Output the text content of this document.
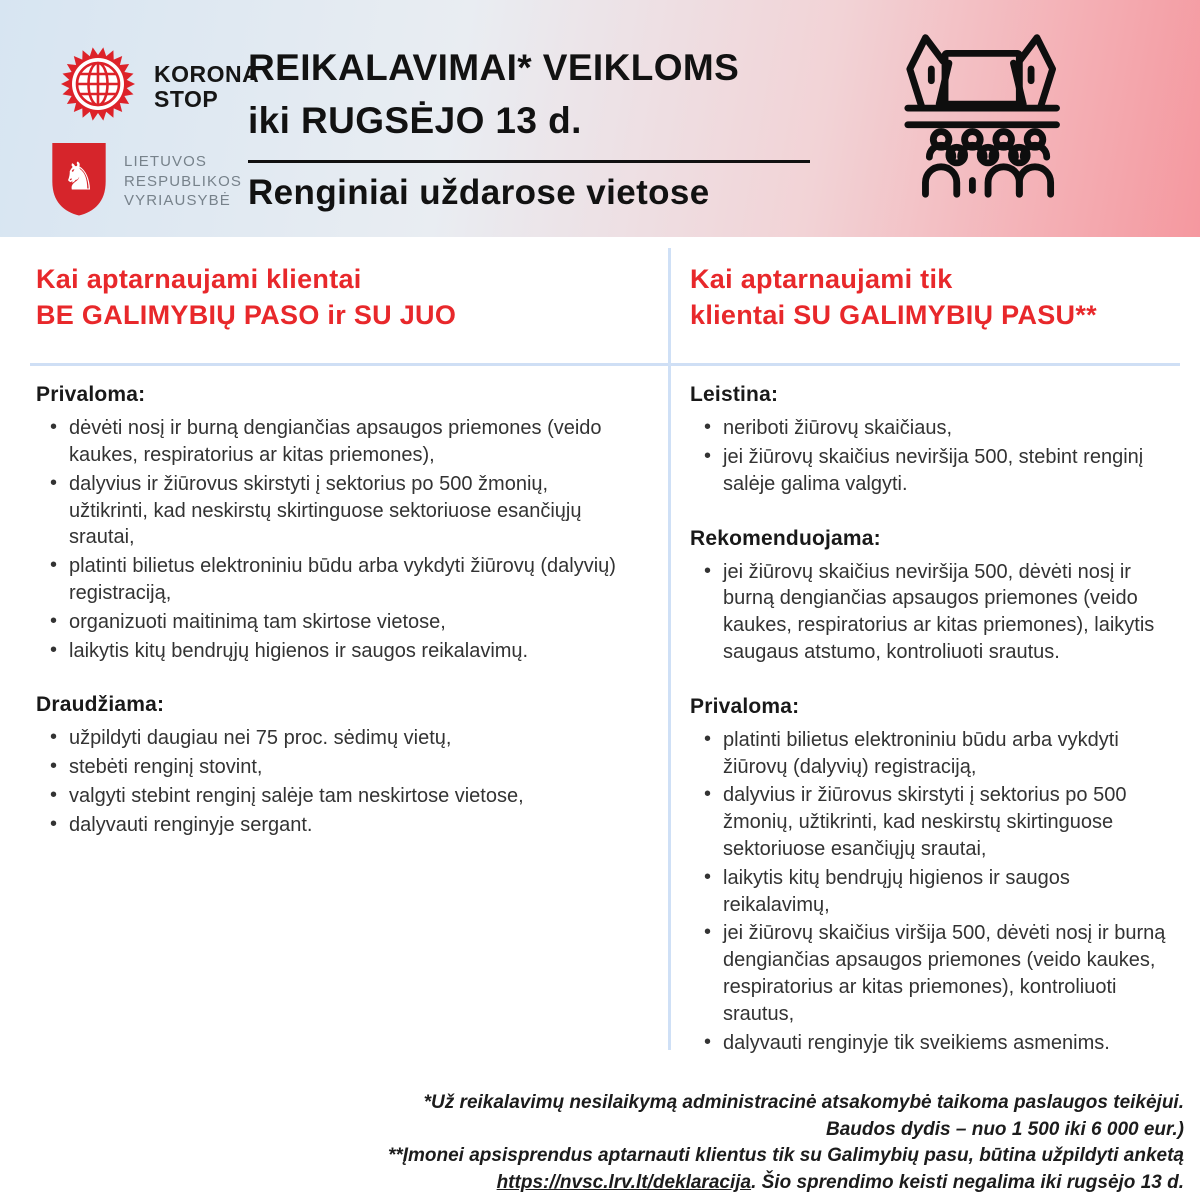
KORONA
STOP
♞ LIETUVOS
RESPUBLIKOS
VYRIAUSYBĖ
REIKALAVIMAI* VEIKLOMS
iki RUGSĖJO 13 d.
Renginiai uždarose vietose
Kai aptarnaujami klientai
BE GALIMYBIŲ PASO ir SU JUO
Privaloma:
• dėvėti nosį ir burną dengiančias apsaugos priemones (veido kaukes, respiratorius ar kitas priemones),
• dalyvius ir žiūrovus skirstyti į sektorius po 500 žmonių, užtikrinti, kad neskirstų skirtinguose sektoriuose esančiųjų srautai,
• platinti bilietus elektroniniu būdu arba vykdyti žiūrovų (dalyvių) registraciją,
• organizuoti maitinimą tam skirtose vietose,
• laikytis kitų bendrųjų higienos ir saugos reikalavimų.
Draudžiama:
• užpildyti daugiau nei 75 proc. sėdimų vietų,
• stebėti renginį stovint,
• valgyti stebint renginį salėje tam neskirtose vietose,
• dalyvauti renginyje sergant.
Kai aptarnaujami tik
klientai SU GALIMYBIŲ PASU**
Leistina:
• neriboti žiūrovų skaičiaus,
• jei žiūrovų skaičius neviršija 500, stebint renginį salėje galima valgyti.
Rekomenduojama:
• jei žiūrovų skaičius neviršija 500, dėvėti nosį ir burną dengiančias apsaugos priemones (veido kaukes, respiratorius ar kitas priemones), laikytis saugaus atstumo, kontroliuoti srautus.
Privaloma:
• platinti bilietus elektroniniu būdu arba vykdyti žiūrovų (dalyvių) registraciją,
• dalyvius ir žiūrovus skirstyti į sektorius po 500 žmonių, užtikrinti, kad neskirstų skirtinguose sektoriuose esančiųjų srautai,
• laikytis kitų bendrųjų higienos ir saugos reikalavimų,
• jei žiūrovų skaičius viršija 500, dėvėti nosį ir burną dengiančias apsaugos priemones (veido kaukes, respiratorius ar kitas priemones), kontroliuoti srautus,
• dalyvauti renginyje tik sveikiems asmenims.
*Už reikalavimų nesilaikymą administracinė atsakomybė taikoma paslaugos teikėjui.
Baudos dydis – nuo 1 500 iki 6 000 eur.)
**Įmonei apsisprendus aptarnauti klientus tik su Galimybių pasu, būtina užpildyti anketą
https://nvsc.lrv.lt/deklaracija. Šio sprendimo keisti negalima iki rugsėjo 13 d.
